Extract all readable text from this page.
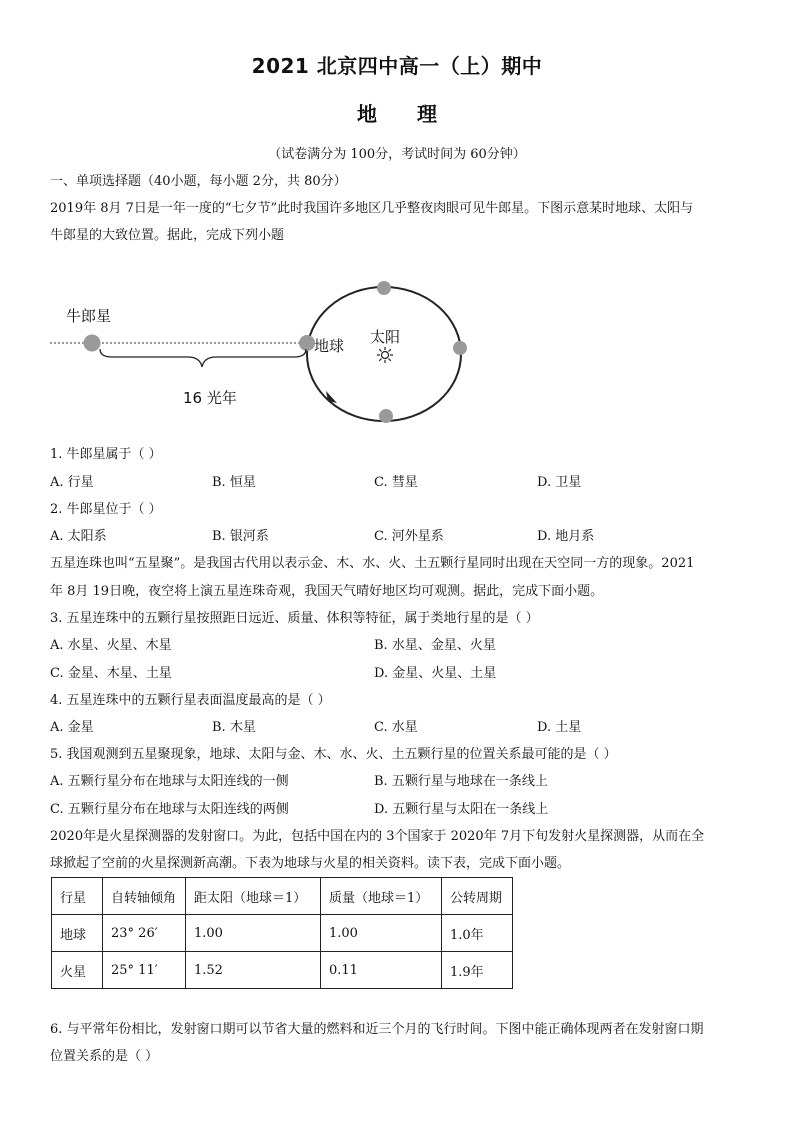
2021 北京四中高一（上）期中
地理
（试卷满分为 100分，考试时间为 60分钟）
一、单项选择题（40小题，每小题 2分，共 80分）
2019年 8月 7日是一年一度的“七夕节”此时我国许多地区几乎整夜肉眼可见牛郎星。下图示意某时地球、太阳与
牛郎星的大致位置。据此，完成下列小题
牛郎星
地球 太阳
16 光年
1. 牛郎星属于（ ）
A. 行星	B. 恒星	C. 彗星	D. 卫星
2. 牛郎星位于（ ）
A. 太阳系	B. 银河系	C. 河外星系	D. 地月系
五星连珠也叫“五星聚”。是我国古代用以表示金、木、水、火、土五颗行星同时出现在天空同一方的现象。2021
年 8月 19日晚，夜空将上演五星连珠奇观，我国天气晴好地区均可观测。据此，完成下面小题。
3. 五星连珠中的五颗行星按照距日远近、质量、体积等特征，属于类地行星的是（ ）
A. 水星、火星、木星	B. 水星、金星、火星
C. 金星、木星、土星	D. 金星、火星、土星
4. 五星连珠中的五颗行星表面温度最高的是（ ）
A. 金星	B. 木星	C. 水星	D. 土星
5. 我国观测到五星聚现象，地球、太阳与金、木、水、火、土五颗行星的位置关系最可能的是（ ）
A. 五颗行星分布在地球与太阳连线的一侧	B. 五颗行星与地球在一条线上
C. 五颗行星分布在地球与太阳连线的两侧	D. 五颗行星与太阳在一条线上
2020年是火星探测器的发射窗口。为此，包括中国在内的 3个国家于 2020年 7月下旬发射火星探测器，从而在全
球掀起了空前的火星探测新高潮。下表为地球与火星的相关资料。读下表，完成下面小题。
行星	自转轴倾角	距太阳（地球＝1）	质量（地球＝1）	公转周期
地球	23° 26′	1.00	1.00	1.0年
火星	25° 11′	1.52	0.11	1.9年
6. 与平常年份相比，发射窗口期可以节省大量的燃料和近三个月的飞行时间。下图中能正确体现两者在发射窗口期
位置关系的是（ ）
